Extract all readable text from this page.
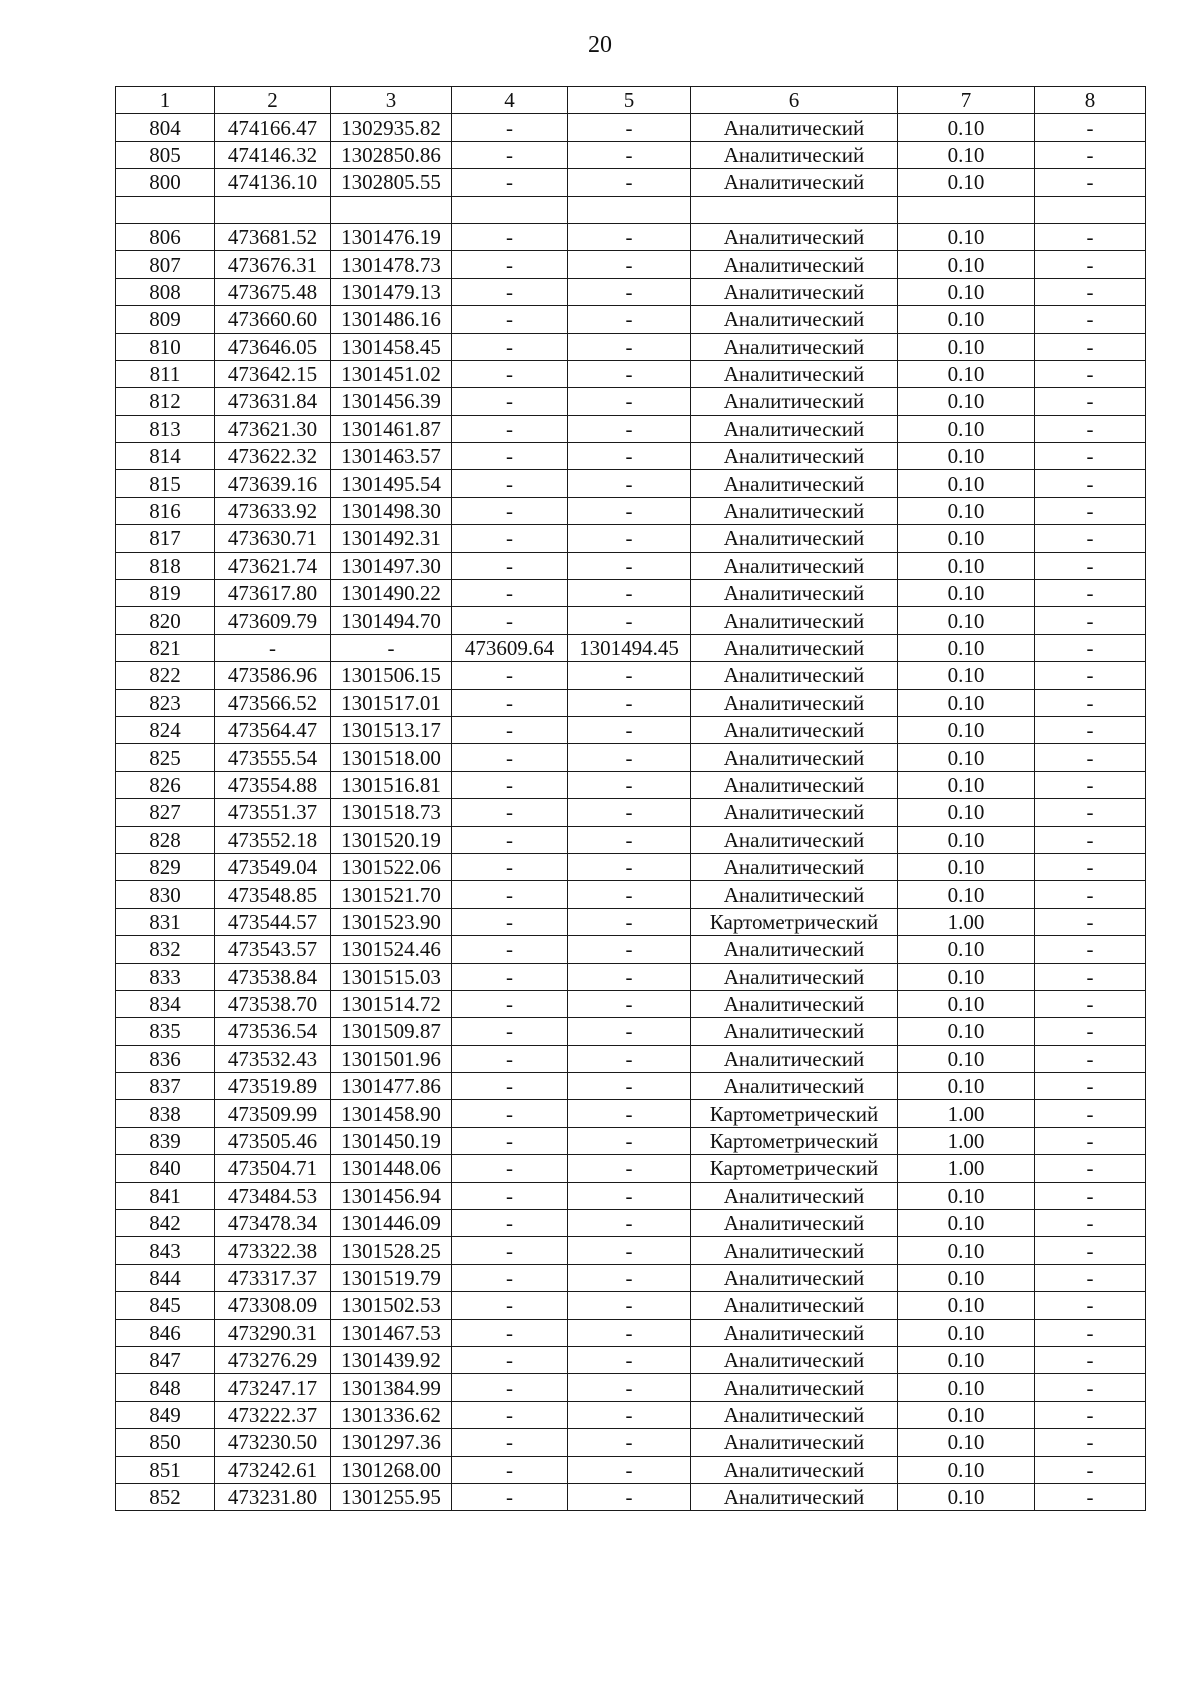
20
1	2	3	4	5	6	7	8
804	474166.47	1302935.82	-	-	Аналитический	0.10	-
805	474146.32	1302850.86	-	-	Аналитический	0.10	-
800	474136.10	1302805.55	-	-	Аналитический	0.10	-

806	473681.52	1301476.19	-	-	Аналитический	0.10	-
807	473676.31	1301478.73	-	-	Аналитический	0.10	-
808	473675.48	1301479.13	-	-	Аналитический	0.10	-
809	473660.60	1301486.16	-	-	Аналитический	0.10	-
810	473646.05	1301458.45	-	-	Аналитический	0.10	-
811	473642.15	1301451.02	-	-	Аналитический	0.10	-
812	473631.84	1301456.39	-	-	Аналитический	0.10	-
813	473621.30	1301461.87	-	-	Аналитический	0.10	-
814	473622.32	1301463.57	-	-	Аналитический	0.10	-
815	473639.16	1301495.54	-	-	Аналитический	0.10	-
816	473633.92	1301498.30	-	-	Аналитический	0.10	-
817	473630.71	1301492.31	-	-	Аналитический	0.10	-
818	473621.74	1301497.30	-	-	Аналитический	0.10	-
819	473617.80	1301490.22	-	-	Аналитический	0.10	-
820	473609.79	1301494.70	-	-	Аналитический	0.10	-
821	-	-	473609.64	1301494.45	Аналитический	0.10	-
822	473586.96	1301506.15	-	-	Аналитический	0.10	-
823	473566.52	1301517.01	-	-	Аналитический	0.10	-
824	473564.47	1301513.17	-	-	Аналитический	0.10	-
825	473555.54	1301518.00	-	-	Аналитический	0.10	-
826	473554.88	1301516.81	-	-	Аналитический	0.10	-
827	473551.37	1301518.73	-	-	Аналитический	0.10	-
828	473552.18	1301520.19	-	-	Аналитический	0.10	-
829	473549.04	1301522.06	-	-	Аналитический	0.10	-
830	473548.85	1301521.70	-	-	Аналитический	0.10	-
831	473544.57	1301523.90	-	-	Картометрический	1.00	-
832	473543.57	1301524.46	-	-	Аналитический	0.10	-
833	473538.84	1301515.03	-	-	Аналитический	0.10	-
834	473538.70	1301514.72	-	-	Аналитический	0.10	-
835	473536.54	1301509.87	-	-	Аналитический	0.10	-
836	473532.43	1301501.96	-	-	Аналитический	0.10	-
837	473519.89	1301477.86	-	-	Аналитический	0.10	-
838	473509.99	1301458.90	-	-	Картометрический	1.00	-
839	473505.46	1301450.19	-	-	Картометрический	1.00	-
840	473504.71	1301448.06	-	-	Картометрический	1.00	-
841	473484.53	1301456.94	-	-	Аналитический	0.10	-
842	473478.34	1301446.09	-	-	Аналитический	0.10	-
843	473322.38	1301528.25	-	-	Аналитический	0.10	-
844	473317.37	1301519.79	-	-	Аналитический	0.10	-
845	473308.09	1301502.53	-	-	Аналитический	0.10	-
846	473290.31	1301467.53	-	-	Аналитический	0.10	-
847	473276.29	1301439.92	-	-	Аналитический	0.10	-
848	473247.17	1301384.99	-	-	Аналитический	0.10	-
849	473222.37	1301336.62	-	-	Аналитический	0.10	-
850	473230.50	1301297.36	-	-	Аналитический	0.10	-
851	473242.61	1301268.00	-	-	Аналитический	0.10	-
852	473231.80	1301255.95	-	-	Аналитический	0.10	-
